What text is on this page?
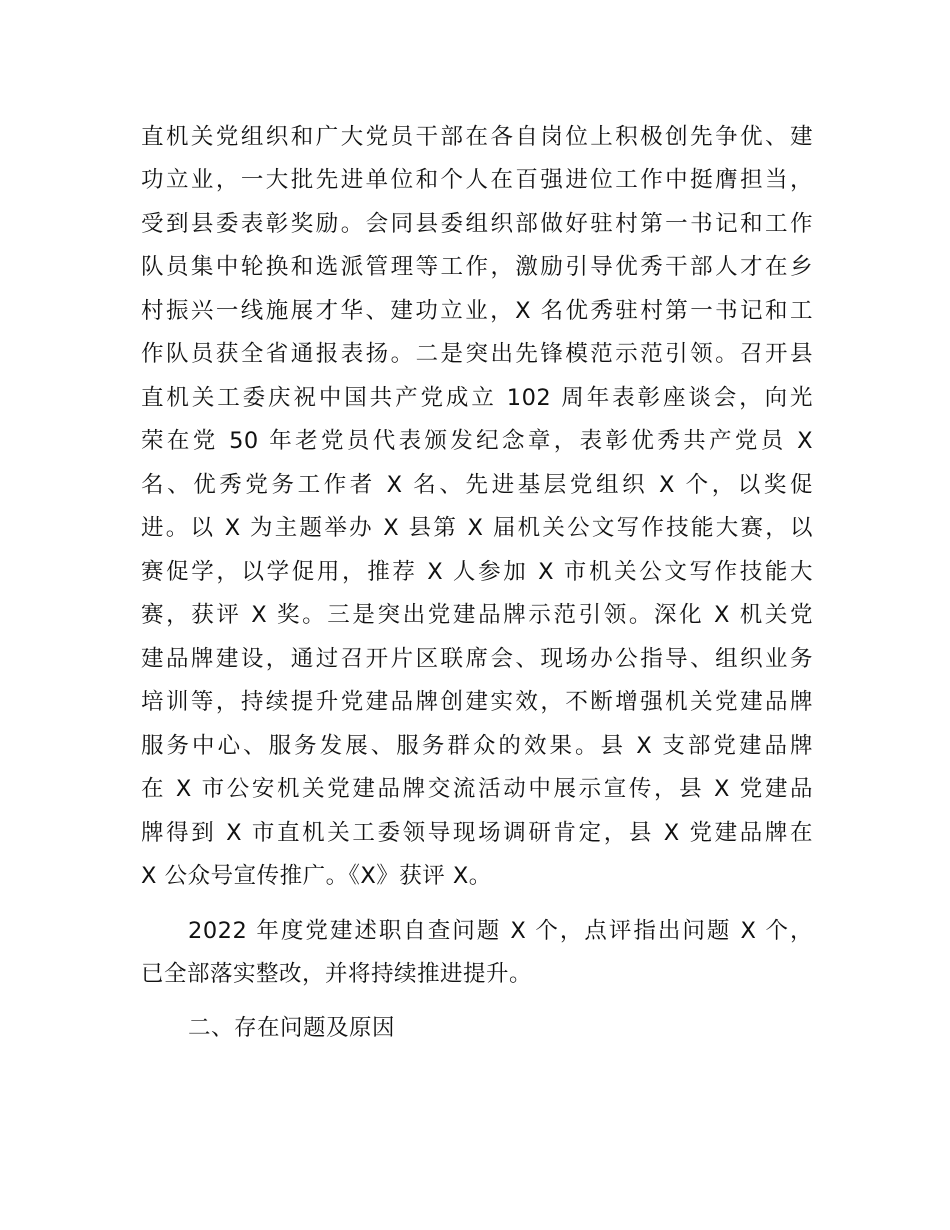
直机关党组织和广大党员干部在各自岗位上积极创先争优、建
功立业，一大批先进单位和个人在百强进位工作中挺膺担当，
受到县委表彰奖励。会同县委组织部做好驻村第一书记和工作
队员集中轮换和选派管理等工作，激励引导优秀干部人才在乡
村振兴一线施展才华、建功立业，X 名优秀驻村第一书记和工
作队员获全省通报表扬。二是突出先锋模范示范引领。召开县
直机关工委庆祝中国共产党成立 102 周年表彰座谈会，向光
荣在党 50 年老党员代表颁发纪念章，表彰优秀共产党员 X
名、优秀党务工作者 X 名、先进基层党组织 X 个，以奖促
进。以 X 为主题举办 X 县第 X 届机关公文写作技能大赛，以
赛促学，以学促用，推荐 X 人参加 X 市机关公文写作技能大
赛，获评 X 奖。三是突出党建品牌示范引领。深化 X 机关党
建品牌建设，通过召开片区联席会、现场办公指导、组织业务
培训等，持续提升党建品牌创建实效，不断增强机关党建品牌
服务中心、服务发展、服务群众的效果。县 X 支部党建品牌
在 X 市公安机关党建品牌交流活动中展示宣传，县 X 党建品
牌得到 X 市直机关工委领导现场调研肯定，县 X 党建品牌在
X 公众号宣传推广。《X》获评 X。
2022 年度党建述职自查问题 X 个，点评指出问题 X 个，
已全部落实整改，并将持续推进提升。
二、存在问题及原因
